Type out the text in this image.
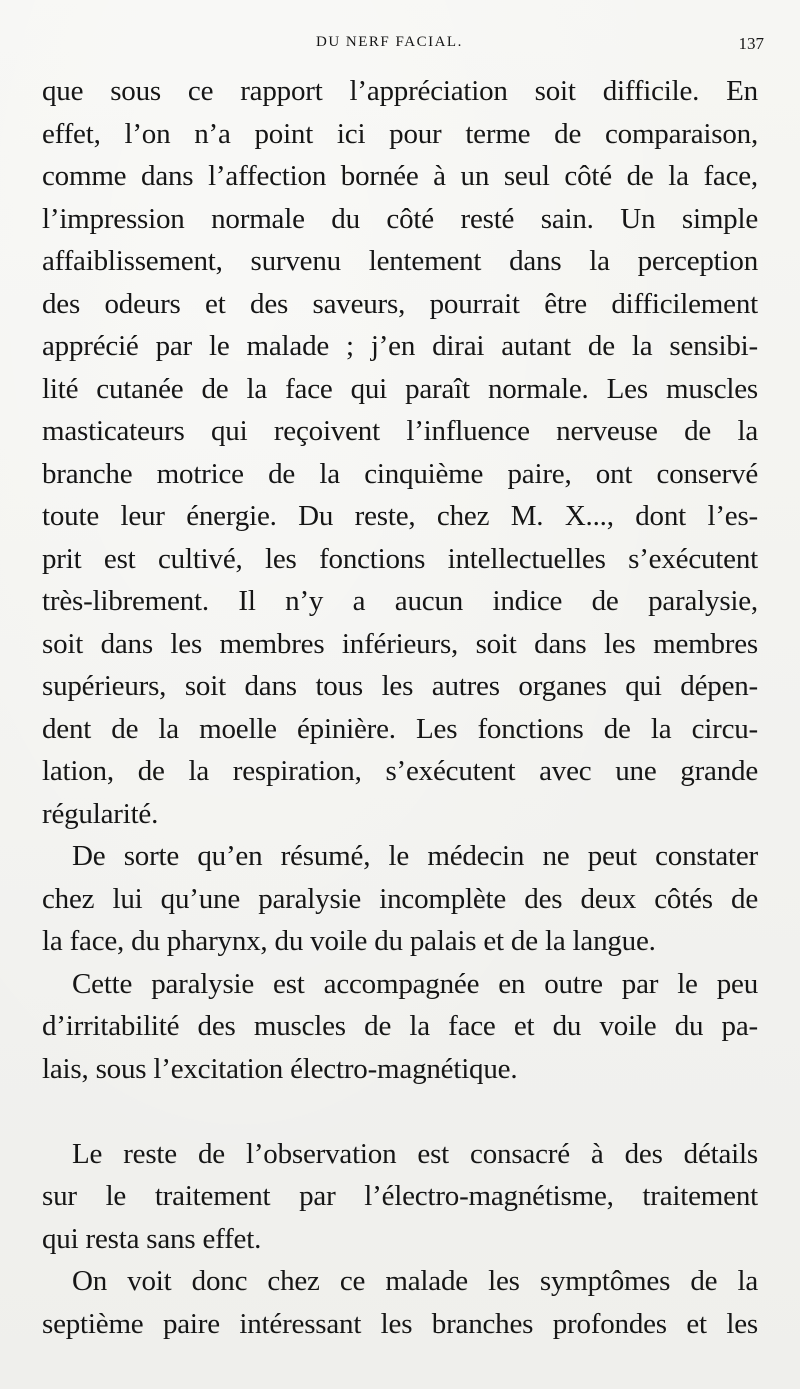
DU NERF FACIAL.	137
que sous ce rapport l’appréciation soit difficile. En
effet, l’on n’a point ici pour terme de comparaison,
comme dans l’affection bornée à un seul côté de la face,
l’impression normale du côté resté sain. Un simple
affaiblissement, survenu lentement dans la perception
des odeurs et des saveurs, pourrait être difficilement
apprécié par le malade ; j’en dirai autant de la sensibi-
lité cutanée de la face qui paraît normale. Les muscles
masticateurs qui reçoivent l’influence nerveuse de la
branche motrice de la cinquième paire, ont conservé
toute leur énergie. Du reste, chez M. X..., dont l’es-
prit est cultivé, les fonctions intellectuelles s’exécutent
très-librement. Il n’y a aucun indice de paralysie,
soit dans les membres inférieurs, soit dans les membres
supérieurs, soit dans tous les autres organes qui dépen-
dent de la moelle épinière. Les fonctions de la circu-
lation, de la respiration, s’exécutent avec une grande
régularité.
De sorte qu’en résumé, le médecin ne peut constater
chez lui qu’une paralysie incomplète des deux côtés de
la face, du pharynx, du voile du palais et de la langue.
Cette paralysie est accompagnée en outre par le peu
d’irritabilité des muscles de la face et du voile du pa-
lais, sous l’excitation électro-magnétique.
Le reste de l’observation est consacré à des détails
sur le traitement par l’électro-magnétisme, traitement
qui resta sans effet.
On voit donc chez ce malade les symptômes de la
septième paire intéressant les branches profondes et les
